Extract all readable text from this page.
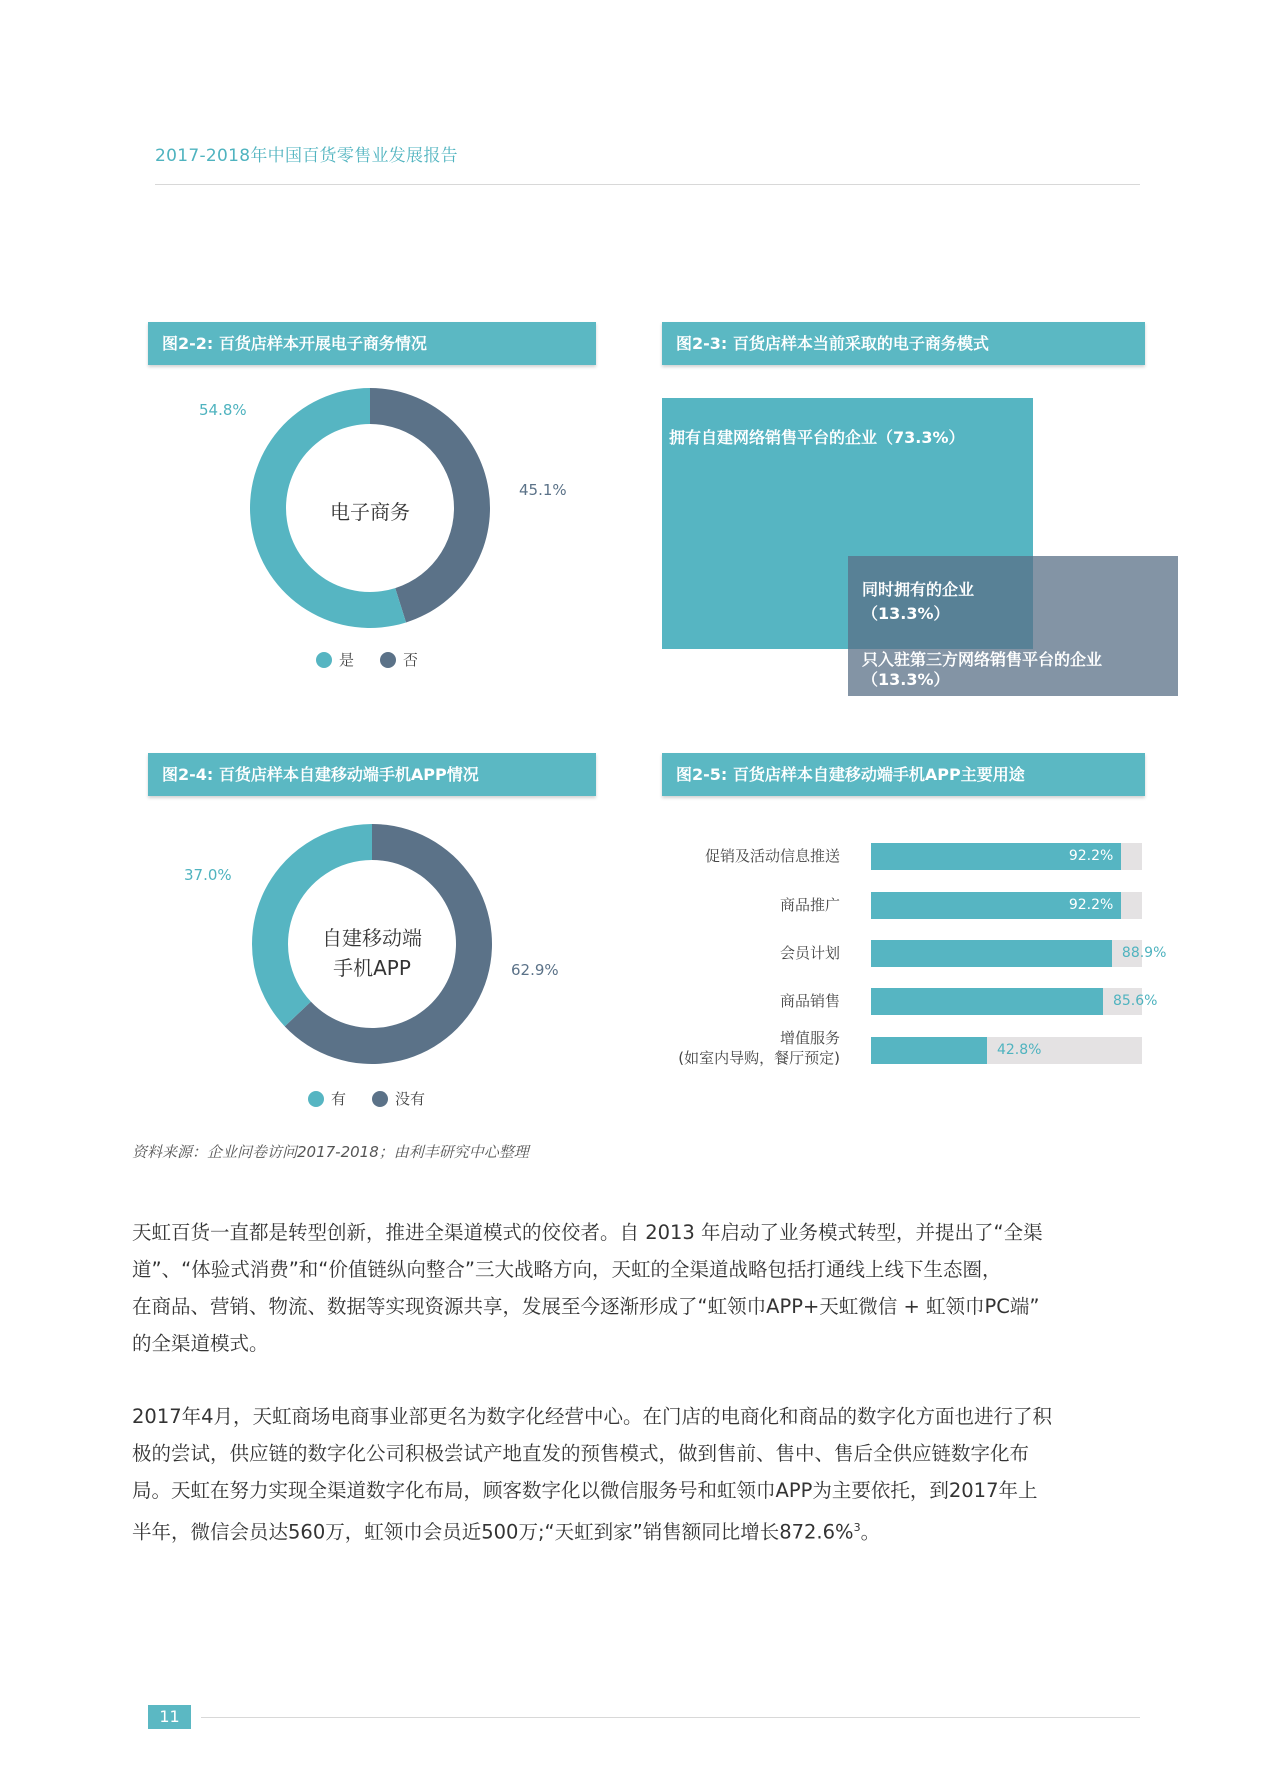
2017-2018年中国百货零售业发展报告
图2-2: 百货店样本开展电子商务情况
电子商务
54.8%
45.1%
是	否
图2-3: 百货店样本当前采取的电子商务模式
拥有自建网络销售平台的企业（73.3%）
同时拥有的企业
（13.3%）
只入驻第三方网络销售平台的企业
（13.3%）
图2-4: 百货店样本自建移动端手机APP情况
自建移动端
手机APP
37.0%
62.9%
有	没有
图2-5: 百货店样本自建移动端手机APP主要用途
促销及活动信息推送	92.2%
商品推广	92.2%
会员计划	88.9%
商品销售	85.6%
增值服务
(如室内导购，餐厅预定)	42.8%
资料来源：企业问卷访问2017-2018；由利丰研究中心整理
天虹百货一直都是转型创新，推进全渠道模式的佼佼者。自 2013 年启动了业务模式转型，并提出了“全渠
道”、“体验式消费”和“价值链纵向整合”三大战略方向，天虹的全渠道战略包括打通线上线下生态圈，
在商品、营销、物流、数据等实现资源共享，发展至今逐渐形成了“虹领巾APP+天虹微信 + 虹领巾PC端”
的全渠道模式。
2017年4月，天虹商场电商事业部更名为数字化经营中心。在门店的电商化和商品的数字化方面也进行了积
极的尝试，供应链的数字化公司积极尝试产地直发的预售模式，做到售前、售中、售后全供应链数字化布
局。天虹在努力实现全渠道数字化布局，顾客数字化以微信服务号和虹领巾APP为主要依托，到2017年上
半年，微信会员达560万，虹领巾会员近500万;“天虹到家”销售额同比增长872.6%$^3$。
11
